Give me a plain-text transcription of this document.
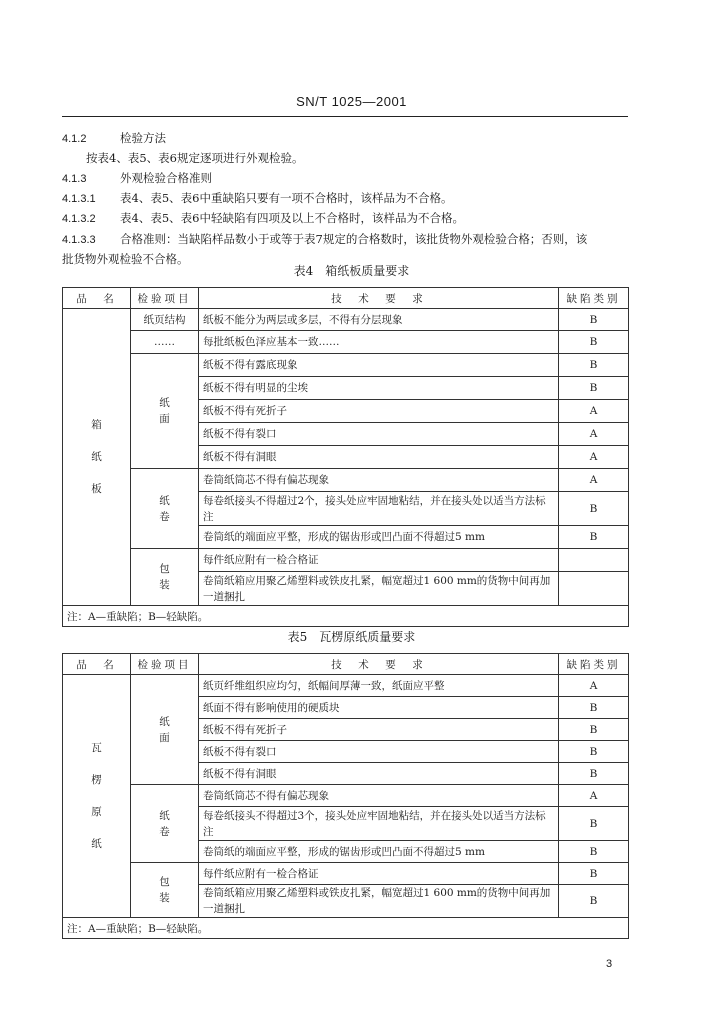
SN/T 1025—2001
4.1.2	检验方法
按表4、表5、表6规定逐项进行外观检验。
4.1.3	外观检验合格准则
4.1.3.1 表4、表5、表6中重缺陷只要有一项不合格时，该样品为不合格。
4.1.3.2 表4、表5、表6中轻缺陷有四项及以上不合格时，该样品为不合格。
4.1.3.3 合格准则：当缺陷样品数小于或等于表7规定的合格数时，该批货物外观检验合格；否则，该
批货物外观检验不合格。
表4　箱纸板质量要求
品　名	检验项目	技　术　要　求	缺陷类别
箱纸板	纸页结构	纸板不能分为两层或多层，不得有分层现象	B
	……	每批纸板色泽应基本一致……	B
	纸面	纸板不得有露底现象	B
		纸板不得有明显的尘埃	B
		纸板不得有死折子	A
		纸板不得有裂口	A
		纸板不得有洞眼	A
	纸卷	卷筒纸筒芯不得有偏芯现象	A
		每卷纸接头不得超过2个，接头处应牢固地粘结，并在接头处以适当方法标注	B
		卷筒纸的端面应平整，形成的锯齿形或凹凸面不得超过5 mm	B
	包装	每件纸应附有一检合格证	
		卷筒纸箱应用聚乙烯塑料或铁皮扎紧，幅宽超过1 600 mm的货物中间再加一道捆扎	
注：A—重缺陷；B—轻缺陷。			
表5　瓦楞原纸质量要求
品　名	检验项目	技　术　要　求	缺陷类别
瓦楞原纸	纸面	纸页纤维组织应均匀，纸幅间厚薄一致，纸面应平整	A
		纸面不得有影响使用的硬质块	B
		纸板不得有死折子	B
		纸板不得有裂口	B
		纸板不得有洞眼	B
	纸卷	卷筒纸筒芯不得有偏芯现象	A
		每卷纸接头不得超过3个，接头处应牢固地粘结，并在接头处以适当方法标注	B
		卷筒纸的端面应平整，形成的锯齿形或凹凸面不得超过5 mm	B
	包装	每件纸应附有一检合格证	B
		卷筒纸箱应用聚乙烯塑料或铁皮扎紧，幅宽超过1 600 mm的货物中间再加一道捆扎	B
注：A—重缺陷；B—轻缺陷。			
3
